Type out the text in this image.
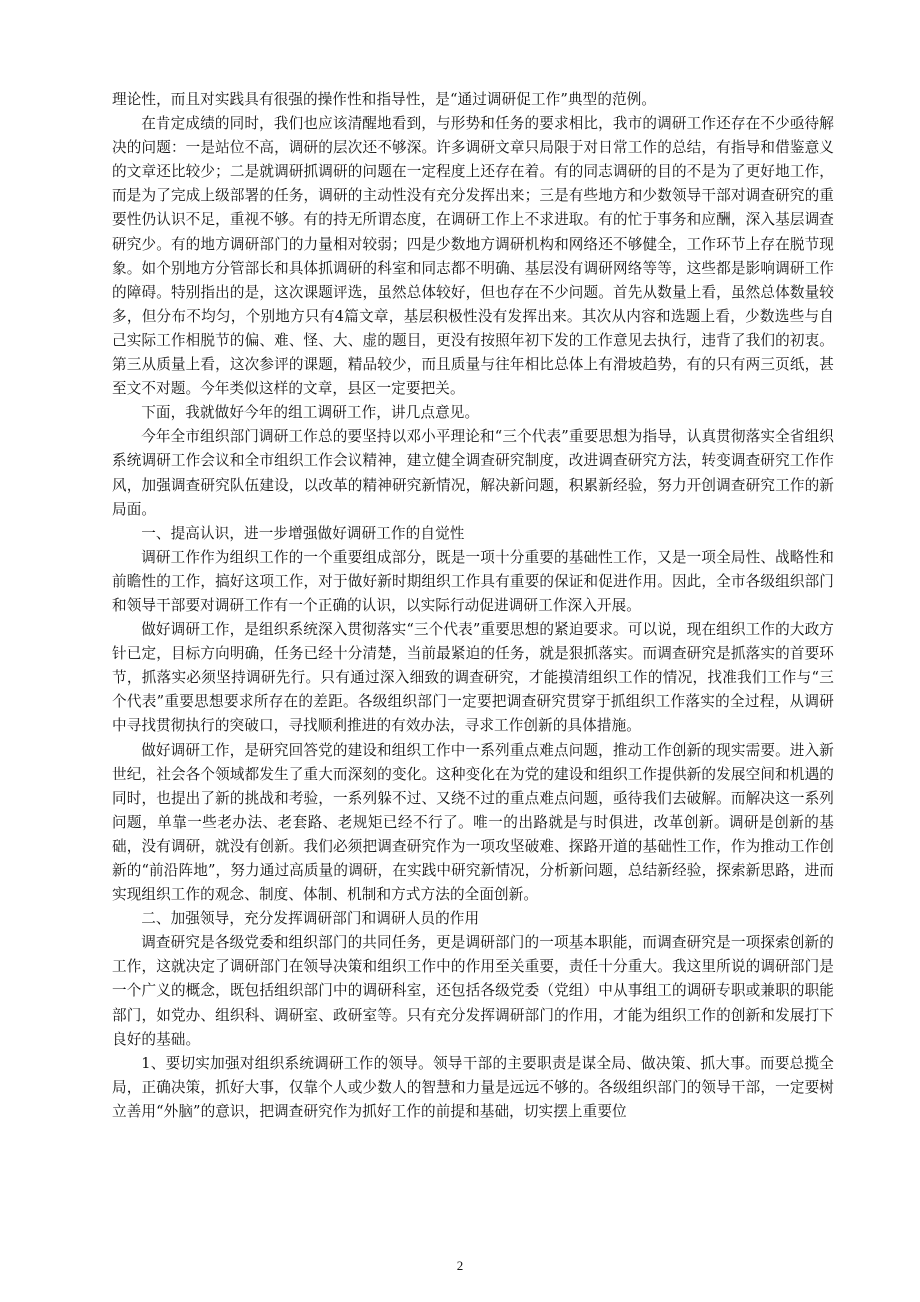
理论性，而且对实践具有很强的操作性和指导性，是“通过调研促工作”典型的范例。

在肯定成绩的同时，我们也应该清醒地看到，与形势和任务的要求相比，我市的调研工作还存在不少亟待解决的问题：一是站位不高，调研的层次还不够深。许多调研文章只局限于对日常工作的总结，有指导和借鉴意义的文章还比较少；二是就调研抓调研的问题在一定程度上还存在着。有的同志调研的目的不是为了更好地工作，而是为了完成上级部署的任务，调研的主动性没有充分发挥出来；三是有些地方和少数领导干部对调查研究的重要性仍认识不足，重视不够。有的持无所谓态度，在调研工作上不求进取。有的忙于事务和应酬，深入基层调查研究少。有的地方调研部门的力量相对较弱；四是少数地方调研机构和网络还不够健全，工作环节上存在脱节现象。如个别地方分管部长和具体抓调研的科室和同志都不明确、基层没有调研网络等等，这些都是影响调研工作的障碍。特别指出的是，这次课题评选，虽然总体较好，但也存在不少问题。首先从数量上看，虽然总体数量较多，但分布不均匀，个别地方只有4篇文章，基层积极性没有发挥出来。其次从内容和选题上看，少数选些与自己实际工作相脱节的偏、难、怪、大、虚的题目，更没有按照年初下发的工作意见去执行，违背了我们的初衷。第三从质量上看，这次参评的课题，精品较少，而且质量与往年相比总体上有滑坡趋势，有的只有两三页纸，甚至文不对题。今年类似这样的文章，县区一定要把关。

下面，我就做好今年的组工调研工作，讲几点意见。

今年全市组织部门调研工作总的要坚持以邓小平理论和“三个代表”重要思想为指导，认真贯彻落实全省组织系统调研工作会议和全市组织工作会议精神，建立健全调查研究制度，改进调查研究方法，转变调查研究工作作风，加强调查研究队伍建设，以改革的精神研究新情况，解决新问题，积累新经验，努力开创调查研究工作的新局面。

一、提高认识，进一步增强做好调研工作的自觉性

调研工作作为组织工作的一个重要组成部分，既是一项十分重要的基础性工作，又是一项全局性、战略性和前瞻性的工作，搞好这项工作，对于做好新时期组织工作具有重要的保证和促进作用。因此，全市各级组织部门和领导干部要对调研工作有一个正确的认识，以实际行动促进调研工作深入开展。

做好调研工作，是组织系统深入贯彻落实“三个代表”重要思想的紧迫要求。可以说，现在组织工作的大政方针已定，目标方向明确，任务已经十分清楚，当前最紧迫的任务，就是狠抓落实。而调查研究是抓落实的首要环节，抓落实必须坚持调研先行。只有通过深入细致的调查研究，才能摸清组织工作的情况，找准我们工作与“三个代表”重要思想要求所存在的差距。各级组织部门一定要把调查研究贯穿于抓组织工作落实的全过程，从调研中寻找贯彻执行的突破口，寻找顺利推进的有效办法，寻求工作创新的具体措施。

做好调研工作，是研究回答党的建设和组织工作中一系列重点难点问题，推动工作创新的现实需要。进入新世纪，社会各个领域都发生了重大而深刻的变化。这种变化在为党的建设和组织工作提供新的发展空间和机遇的同时，也提出了新的挑战和考验，一系列躲不过、又绕不过的重点难点问题，亟待我们去破解。而解决这一系列问题，单靠一些老办法、老套路、老规矩已经不行了。唯一的出路就是与时俱进，改革创新。调研是创新的基础，没有调研，就没有创新。我们必须把调查研究作为一项攻坚破难、探路开道的基础性工作，作为推动工作创新的“前沿阵地”，努力通过高质量的调研，在实践中研究新情况，分析新问题，总结新经验，探索新思路，进而实现组织工作的观念、制度、体制、机制和方式方法的全面创新。

二、加强领导，充分发挥调研部门和调研人员的作用

调查研究是各级党委和组织部门的共同任务，更是调研部门的一项基本职能，而调查研究是一项探索创新的工作，这就决定了调研部门在领导决策和组织工作中的作用至关重要，责任十分重大。我这里所说的调研部门是一个广义的概念，既包括组织部门中的调研科室，还包括各级党委（党组）中从事组工的调研专职或兼职的职能部门，如党办、组织科、调研室、政研室等。只有充分发挥调研部门的作用，才能为组织工作的创新和发展打下良好的基础。

1、要切实加强对组织系统调研工作的领导。领导干部的主要职责是谋全局、做决策、抓大事。而要总揽全局，正确决策，抓好大事，仅靠个人或少数人的智慧和力量是远远不够的。各级组织部门的领导干部，一定要树立善用“外脑”的意识，把调查研究作为抓好工作的前提和基础，切实摆上重要位

2
